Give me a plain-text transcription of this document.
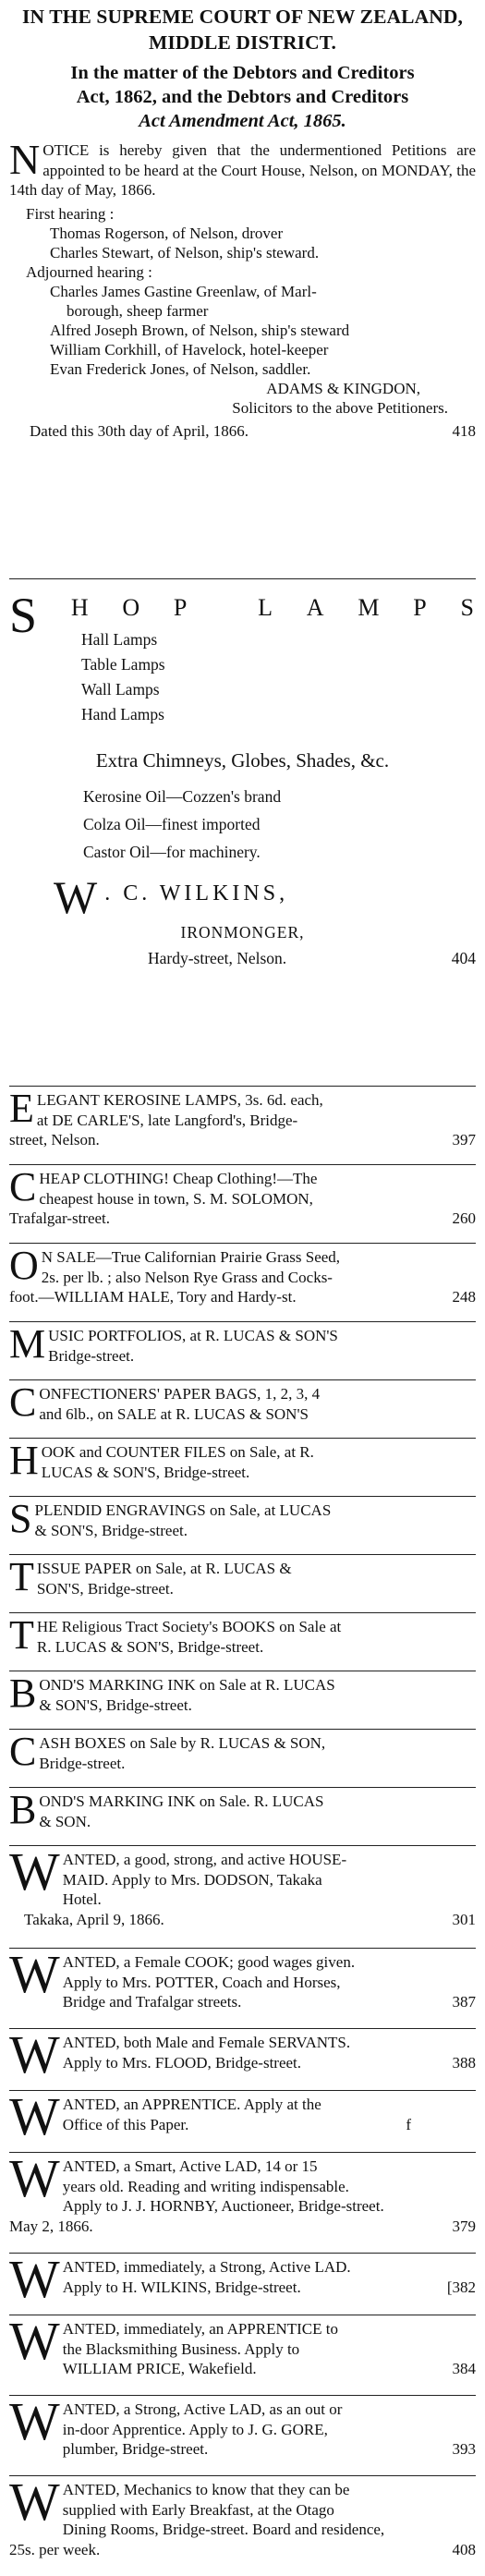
IN THE SUPREME COURT OF NEW ZEALAND, MIDDLE DISTRICT.
In the matter of the Debtors and Creditors
Act, 1862, and the Debtors and Creditors
Act Amendment Act, 1865.
N OTICE is hereby given that the undermentioned Petitions are appointed to be heard at the Court House, Nelson, on MONDAY, the 14th day of May, 1866.
First hearing :
Thomas Rogerson, of Nelson, drover
Charles Stewart, of Nelson, ship's steward.
Adjourned hearing :
Charles James Gastine Greenlaw, of Marl-
borough, sheep farmer
Alfred Joseph Brown, of Nelson, ship's steward
William Corkhill, of Havelock, hotel-keeper
Evan Frederick Jones, of Nelson, saddler.
ADAMS & KINGDON,
Solicitors to the above Petitioners.
Dated this 30th day of April, 1866.	418
S H O P	L A M P S
Hall Lamps
Table Lamps
Wall Lamps
Hand Lamps
Extra Chimneys, Globes, Shades, &c.
Kerosine Oil—Cozzen's brand
Colza Oil—finest imported
Castor Oil—for machinery.
W . C. WILKINS,
IRONMONGER,
Hardy-street, Nelson.	404
E LEGANT KEROSINE LAMPS, 3s. 6d. each,
at DE CARLE'S, late Langford's, Bridge-
street, Nelson.	397
C HEAP CLOTHING! Cheap Clothing!—The
cheapest house in town, S. M. SOLOMON,
Trafalgar-street.	260
O N SALE—True Californian Prairie Grass Seed,
2s. per lb. ; also Nelson Rye Grass and Cocks-
foot.—WILLIAM HALE, Tory and Hardy-st.	248
M USIC PORTFOLIOS, at R. LUCAS & SON'S
Bridge-street.
C ONFECTIONERS' PAPER BAGS, 1, 2, 3, 4
and 6lb., on SALE at R. LUCAS & SON'S
H OOK and COUNTER FILES on Sale, at R.
LUCAS & SON'S, Bridge-street.
S PLENDID ENGRAVINGS on Sale, at LUCAS
& SON'S, Bridge-street.
T ISSUE PAPER on Sale, at R. LUCAS &
SON'S, Bridge-street.
T HE Religious Tract Society's BOOKS on Sale at
R. LUCAS & SON'S, Bridge-street.
B OND'S MARKING INK on Sale at R. LUCAS
& SON'S, Bridge-street.
C ASH BOXES on Sale by R. LUCAS & SON,
Bridge-street.
B OND'S MARKING INK on Sale. R. LUCAS
& SON.
W ANTED, a good, strong, and active HOUSE-
MAID. Apply to Mrs. DODSON, Takaka
Hotel.
Takaka, April 9, 1866.	301
W ANTED, a Female COOK; good wages given.
Apply to Mrs. POTTER, Coach and Horses,
Bridge and Trafalgar streets.	387
W ANTED, both Male and Female SERVANTS.
Apply to Mrs. FLOOD, Bridge-street.	388
W ANTED, an APPRENTICE. Apply at the
Office of this Paper.	f
W ANTED, a Smart, Active LAD, 14 or 15
years old. Reading and writing indispensable.
Apply to J. J. HORNBY, Auctioneer, Bridge-street.
May 2, 1866.	379
W ANTED, immediately, a Strong, Active LAD.
Apply to H. WILKINS, Bridge-street.	[382
W ANTED, immediately, an APPRENTICE to
the Blacksmithing Business. Apply to
WILLIAM PRICE, Wakefield.	384
W ANTED, a Strong, Active LAD, as an out or
in-door Apprentice. Apply to J. G. GORE,
plumber, Bridge-street.	393
W ANTED, Mechanics to know that they can be
supplied with Early Breakfast, at the Otago
Dining Rooms, Bridge-street. Board and residence,
25s. per week.	408
